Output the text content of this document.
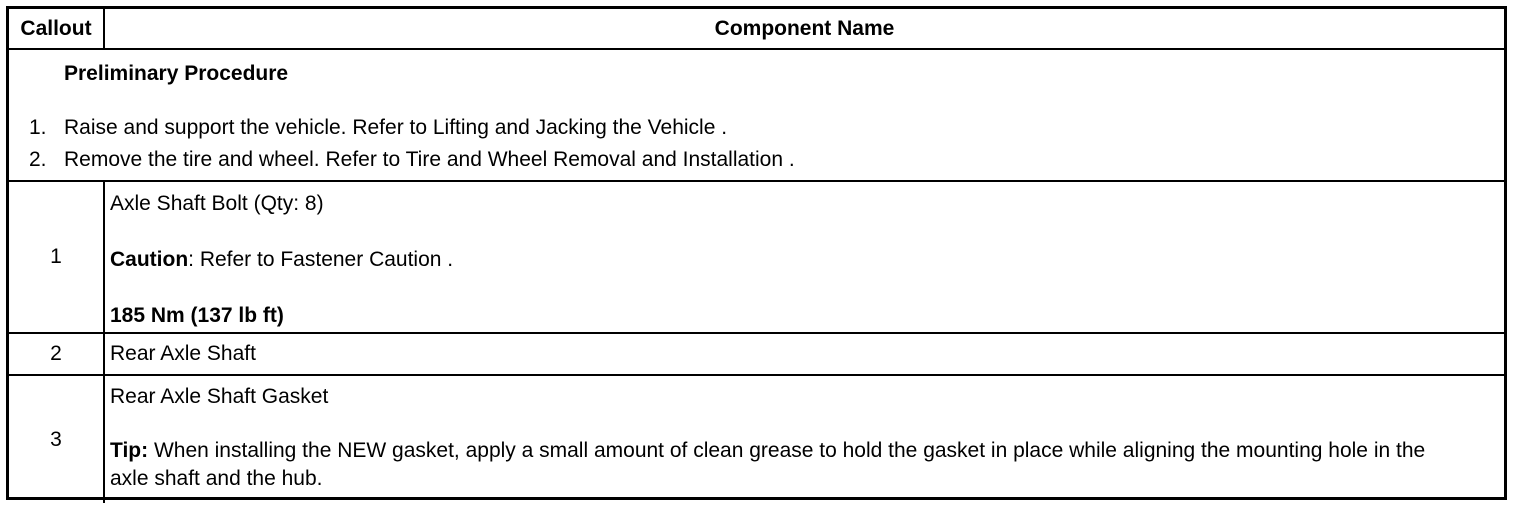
Callout	Component Name
Preliminary Procedure
1. Raise and support the vehicle. Refer to Lifting and Jacking the Vehicle .
2. Remove the tire and wheel. Refer to Tire and Wheel Removal and Installation .
1
Axle Shaft Bolt (Qty: 8)
Caution: Refer to Fastener Caution .
185 Nm (137 lb ft)
2	Rear Axle Shaft
3
Rear Axle Shaft Gasket
Tip: When installing the NEW gasket, apply a small amount of clean grease to hold the gasket in place while aligning the mounting hole in the axle shaft and the hub.
